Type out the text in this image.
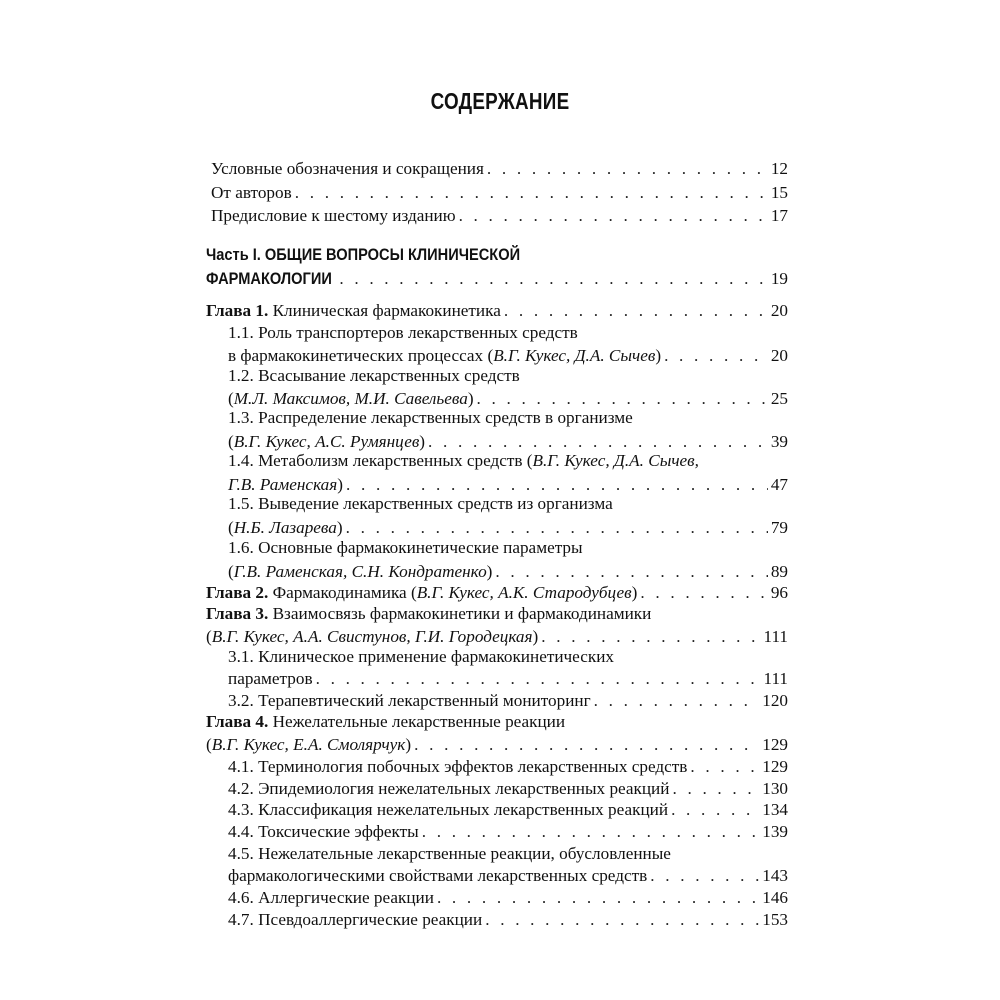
СОДЕРЖАНИЕ
Условные обозначения и сокращения . . .	12
От авторов . . .	15
Предисловие к шестому изданию . . .	17
Часть I. ОБЩИЕ ВОПРОСЫ КЛИНИЧЕСКОЙ
ФАРМАКОЛОГИИ . . .	19
Глава 1. Клиническая фармакокинетика . . .	20
1.1. Роль транспортеров лекарственных средств
в фармакокинетических процессах (В.Г. Кукес, Д.А. Сычев) . . .	20
1.2. Всасывание лекарственных средств
(М.Л. Максимов, М.И. Савельева) . . .	25
1.3. Распределение лекарственных средств в организме
(В.Г. Кукес, А.С. Румянцев) . . .	39
1.4. Метаболизм лекарственных средств (В.Г. Кукес, Д.А. Сычев,
Г.В. Раменская) . . .	47
1.5. Выведение лекарственных средств из организма
(Н.Б. Лазарева) . . .	79
1.6. Основные фармакокинетические параметры
(Г.В. Раменская, С.Н. Кондратенко) . . .	89
Глава 2. Фармакодинамика (В.Г. Кукес, А.К. Стародубцев) . . .	96
Глава 3. Взаимосвязь фармакокинетики и фармакодинамики
(В.Г. Кукес, А.А. Свистунов, Г.И. Городецкая) . . .	111
3.1. Клиническое применение фармакокинетических
параметров . . .	111
3.2. Терапевтический лекарственный мониторинг . . .	120
Глава 4. Нежелательные лекарственные реакции
(В.Г. Кукес, Е.А. Смолярчук) . . .	129
4.1. Терминология побочных эффектов лекарственных средств . . .	129
4.2. Эпидемиология нежелательных лекарственных реакций . . .	130
4.3. Классификация нежелательных лекарственных реакций . . .	134
4.4. Токсические эффекты . . .	139
4.5. Нежелательные лекарственные реакции, обусловленные
фармакологическими свойствами лекарственных средств . . .	143
4.6. Аллергические реакции . . .	146
4.7. Псевдоаллергические реакции . . .	153
